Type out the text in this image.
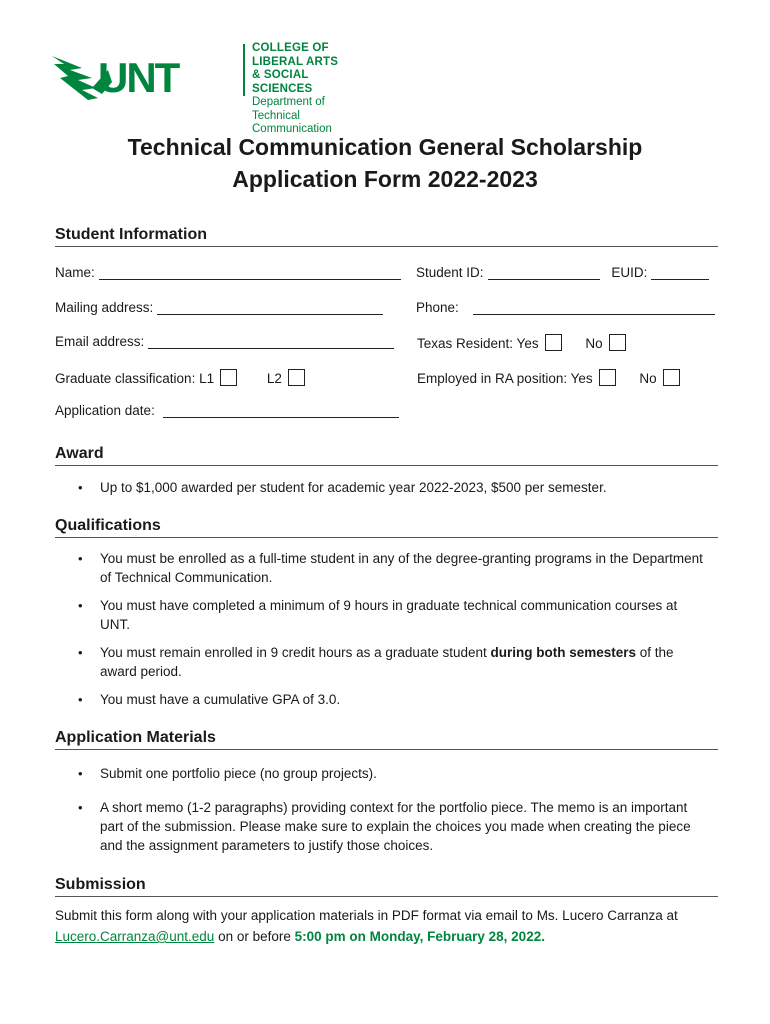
UNT
COLLEGE OF LIBERAL ARTS
& SOCIAL SCIENCES
Department of
Technical Communication
Technical Communication General Scholarship
Application Form 2022-2023
Student Information
Name:	Student ID:	EUID:
Mailing address:	Phone:
Email address:	Texas Resident: Yes	No
Graduate classification: L1	L2	Employed in RA position: Yes	No
Application date:
Award
• Up to $1,000 awarded per student for academic year 2022-2023, $500 per semester.
Qualifications
• You must be enrolled as a full-time student in any of the degree-granting programs in the Department of Technical Communication.
• You must have completed a minimum of 9 hours in graduate technical communication courses at UNT.
• You must remain enrolled in 9 credit hours as a graduate student during both semesters of the award period.
• You must have a cumulative GPA of 3.0.
Application Materials
• Submit one portfolio piece (no group projects).
• A short memo (1-2 paragraphs) providing context for the portfolio piece. The memo is an important part of the submission. Please make sure to explain the choices you made when creating the piece and the assignment parameters to justify those choices.
Submission
Submit this form along with your application materials in PDF format via email to Ms. Lucero Carranza at
Lucero.Carranza@unt.edu on or before 5:00 pm on Monday, February 28, 2022.
